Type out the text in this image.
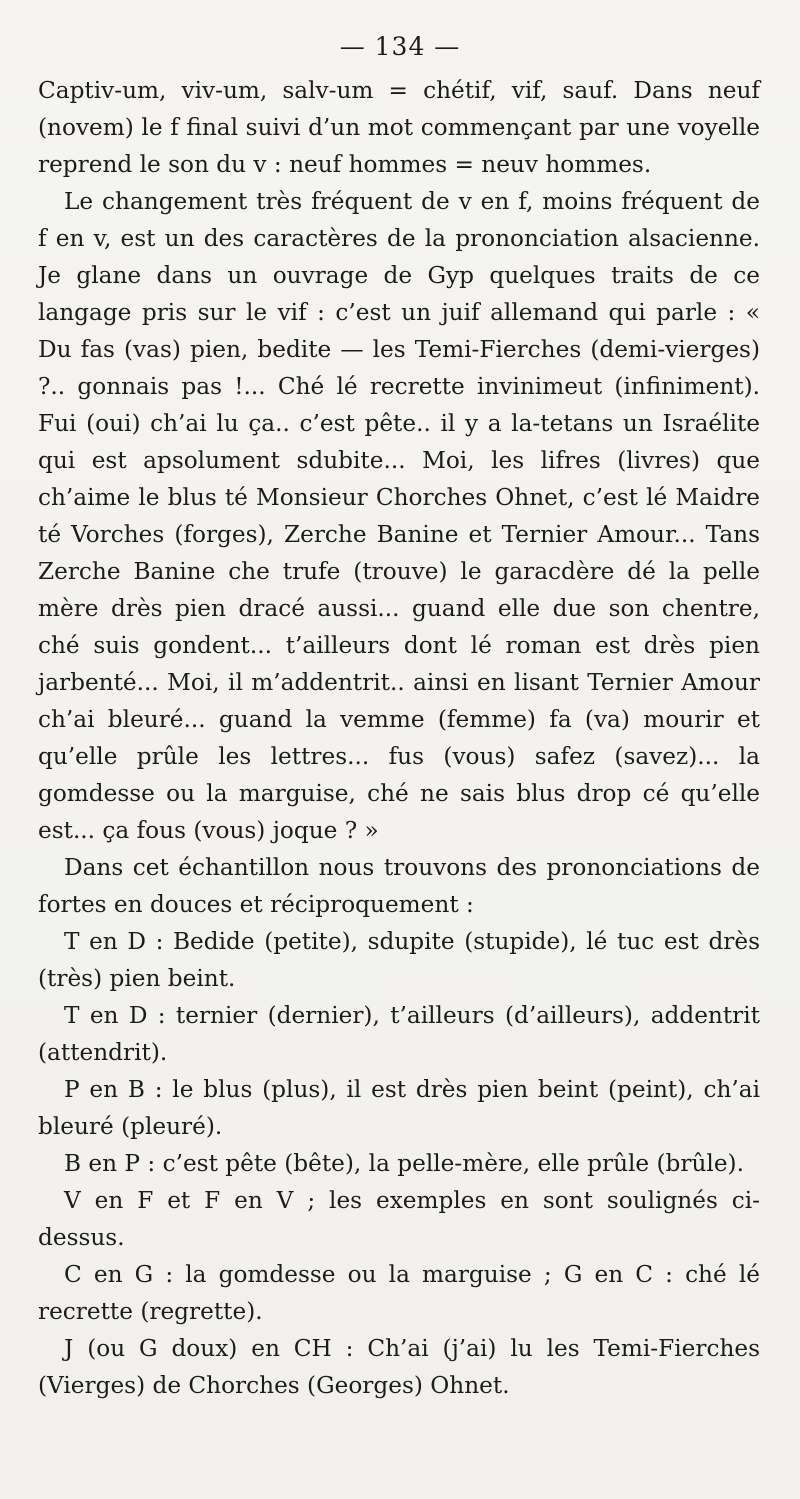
— 134 —

Captiv-um, viv-um, salv-um = chétif, vif, sauf. Dans neuf (novem) le f final suivi d’un mot commençant par une voyelle reprend le son du v : neuf hommes = neuv hommes.

Le changement très fréquent de v en f, moins fréquent de f en v, est un des caractères de la prononciation alsacienne. Je glane dans un ouvrage de Gyp quelques traits de ce langage pris sur le vif : c’est un juif allemand qui parle : « Du fas (vas) pien, bedite — les Temi-Fierches (demi-vierges) ?.. gonnais pas !... Ché lé recrette invinimeut (infiniment). Fui (oui) ch’ai lu ça.. c’est pête.. il y a la-tetans un Israélite qui est apsolument sdubite... Moi, les lifres (livres) que ch’aime le blus té Monsieur Chorches Ohnet, c’est lé Maidre té Vorches (forges), Zerche Banine et Ternier Amour... Tans Zerche Banine che trufe (trouve) le garacdère dé la pelle mère drès pien dracé aussi... guand elle due son chentre, ché suis gondent... t’ailleurs dont lé roman est drès pien jarbenté... Moi, il m’addentrit.. ainsi en lisant Ternier Amour ch’ai bleuré... guand la vemme (femme) fa (va) mourir et qu’elle prûle les lettres... fus (vous) safez (savez)... la gomdesse ou la marguise, ché ne sais blus drop cé qu’elle est... ça fous (vous) joque ? »

Dans cet échantillon nous trouvons des prononciations de fortes en douces et réciproquement :

T en D : Bedide (petite), sdupite (stupide), lé tuc est drès (très) pien beint.

T en D : ternier (dernier), t’ailleurs (d’ailleurs), addentrit (attendrit).

P en B : le blus (plus), il est drès pien beint (peint), ch’ai bleuré (pleuré).

B en P : c’est pête (bête), la pelle-mère, elle prûle (brûle).

V en F et F en V ; les exemples en sont soulignés ci-dessus.

C en G : la gomdesse ou la marguise ; G en C : ché lé recrette (regrette).

J (ou G doux) en CH : Ch’ai (j’ai) lu les Temi-Fierches (Vierges) de Chorches (Georges) Ohnet.
